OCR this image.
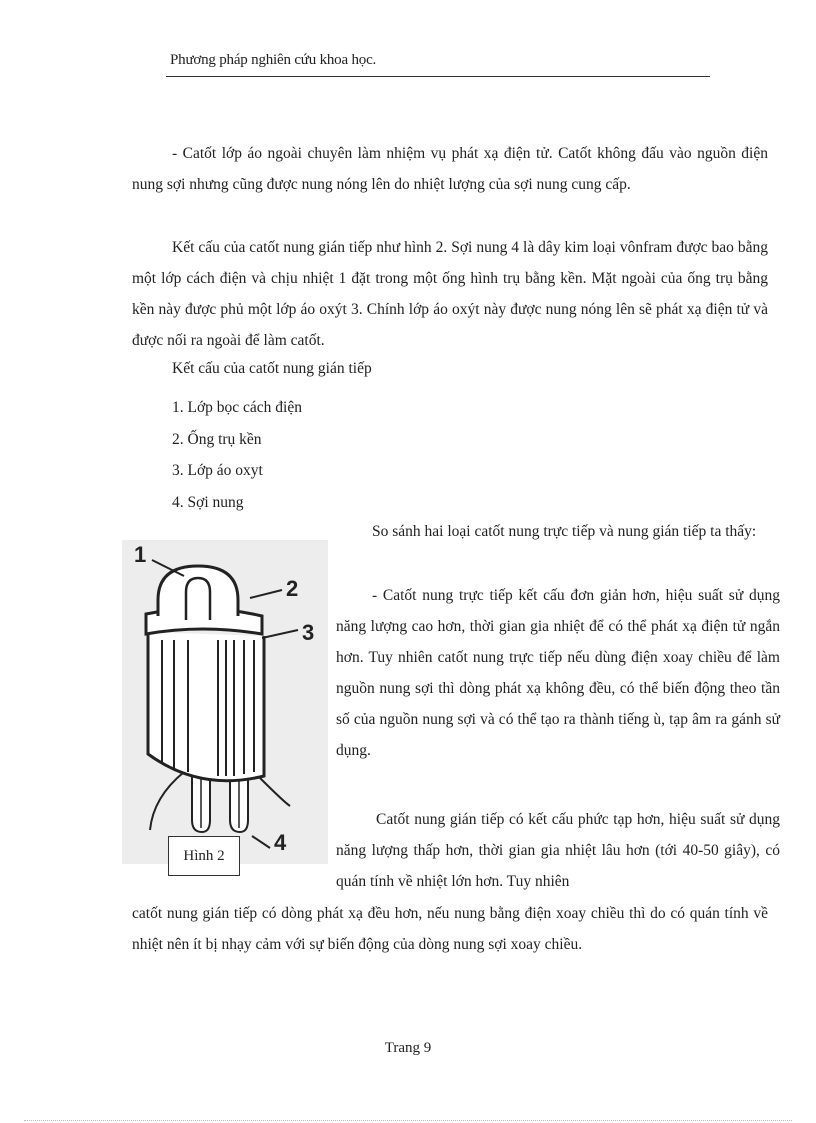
Phương pháp nghiên cứu khoa học.
- Catốt lớp áo ngoài chuyên làm nhiệm vụ phát xạ điện tử. Catốt không đấu vào nguồn điện nung sợi nhưng cũng được nung nóng lên do nhiệt lượng của sợi nung cung cấp.
Kết cấu của catốt nung gián tiếp như hình 2. Sợi nung 4 là dây kim loại vônfram được bao bằng một lớp cách điện và chịu nhiệt 1 đặt trong một ống hình trụ bằng kền. Mặt ngoài của ống trụ bằng kền này được phủ một lớp áo oxýt 3. Chính lớp áo oxýt này được nung nóng lên sẽ phát xạ điện tử và được nối ra ngoài để làm catốt.
Kết cấu của catốt nung gián tiếp
1. Lớp bọc cách điện
2. Ống trụ kền
3. Lớp áo oxyt
4. Sợi nung
1
2
3
4
Hình 2
So sánh hai loại catốt nung trực tiếp và nung gián tiếp ta thấy:
- Catốt nung trực tiếp kết cấu đơn giản hơn, hiệu suất sử dụng năng lượng cao hơn, thời gian gia nhiệt để có thể phát xạ điện tử ngắn hơn. Tuy nhiên catốt nung trực tiếp nếu dùng điện xoay chiều để làm nguồn nung sợi thì dòng phát xạ không đều, có thể biến động theo tần số của nguồn nung sợi và có thể tạo ra thành tiếng ù, tạp âm ra gánh sử dụng.
Catốt nung gián tiếp có kết cấu phức tạp hơn, hiệu suất sử dụng năng lượng thấp hơn, thời gian gia nhiệt lâu hơn (tới 40-50 giây), có quán tính về nhiệt lớn hơn. Tuy nhiên
catốt nung gián tiếp có dòng phát xạ đều hơn, nếu nung bằng điện xoay chiều thì do có quán tính về nhiệt nên ít bị nhạy cảm với sự biến động của dòng nung sợi xoay chiều.
Trang 9
